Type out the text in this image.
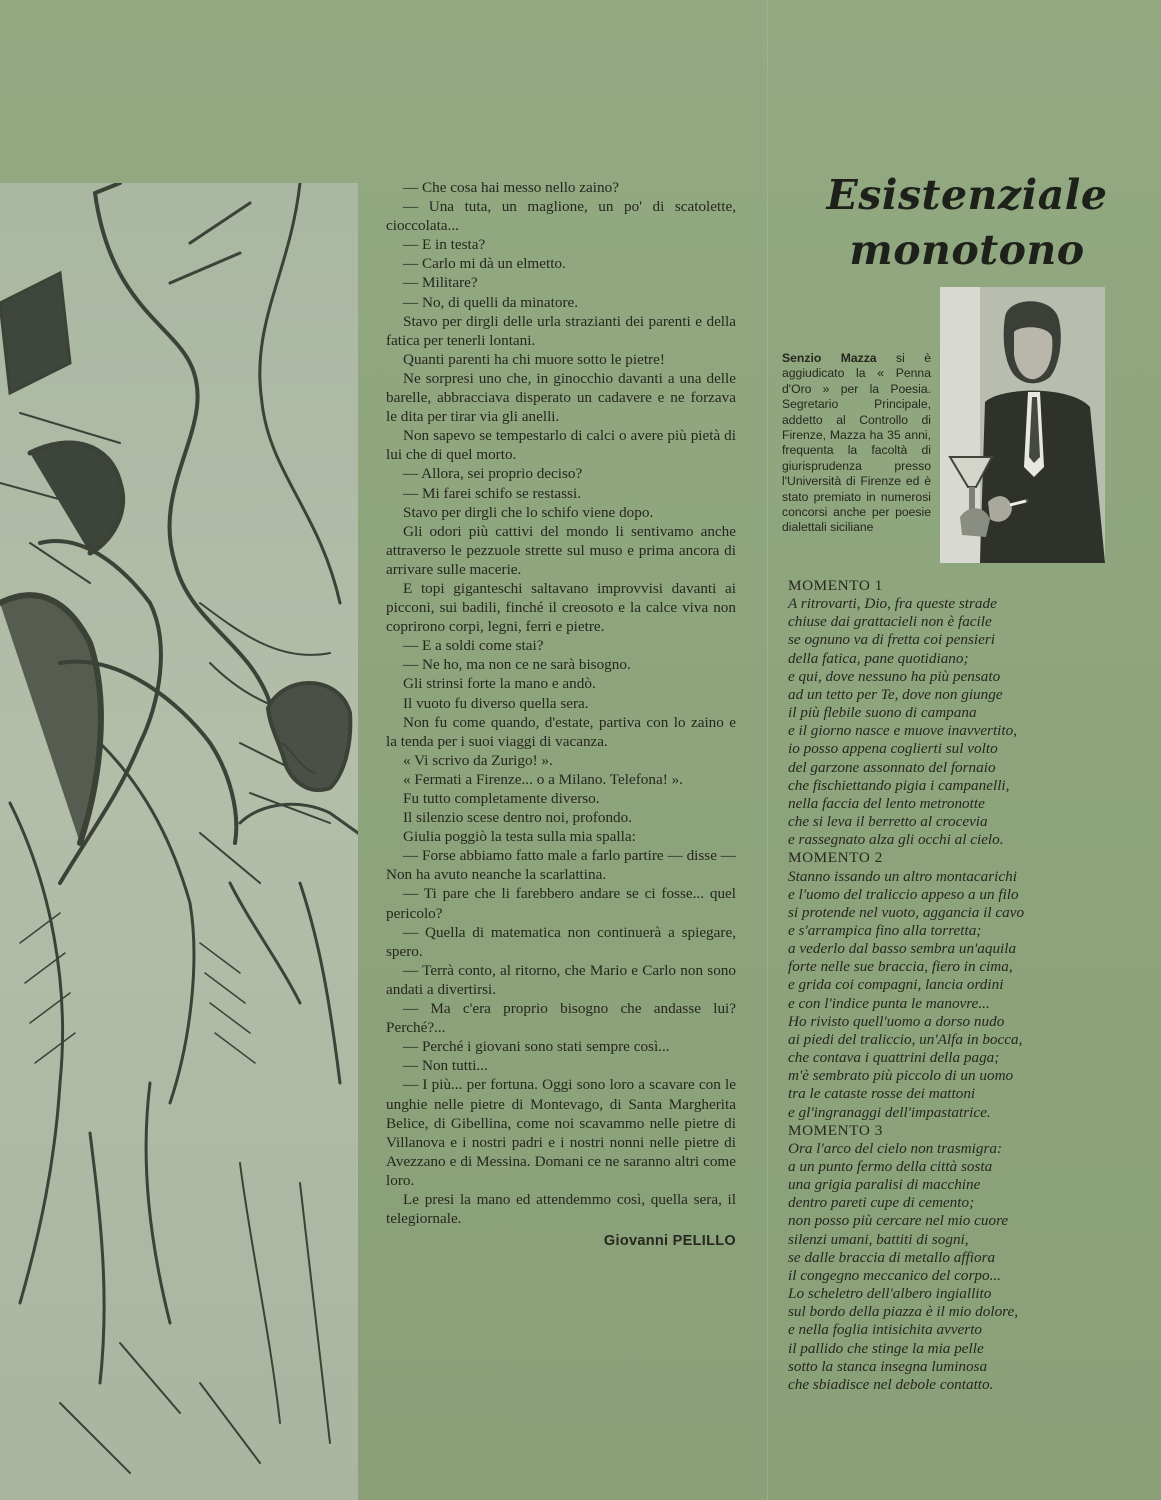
— Che cosa hai messo nello zaino?

— Una tuta, un maglione, un po' di scatolette, cioccolata...

— E in testa?

— Carlo mi dà un elmetto.

— Militare?

— No, di quelli da minatore.

Stavo per dirgli delle urla strazianti dei parenti e della fatica per tenerli lontani.

Quanti parenti ha chi muore sotto le pietre!

Ne sorpresi uno che, in ginocchio davanti a una delle barelle, abbracciava disperato un cadavere e ne forzava le dita per tirar via gli anelli.

Non sapevo se tempestarlo di calci o avere più pietà di lui che di quel morto.

— Allora, sei proprio deciso?

— Mi farei schifo se restassi.

Stavo per dirgli che lo schifo viene dopo.

Gli odori più cattivi del mondo li sentivamo anche attraverso le pezzuole strette sul muso e prima ancora di arrivare sulle macerie.

E topi giganteschi saltavano improvvisi davanti ai picconi, sui badili, finché il creosoto e la calce viva non coprirono corpi, legni, ferri e pietre.

— E a soldi come stai?

— Ne ho, ma non ce ne sarà bisogno.

Gli strinsi forte la mano e andò.

Il vuoto fu diverso quella sera.

Non fu come quando, d'estate, partiva con lo zaino e la tenda per i suoi viaggi di vacanza.

« Vi scrivo da Zurigo! ».

« Fermati a Firenze... o a Milano. Telefona! ».

Fu tutto completamente diverso.

Il silenzio scese dentro noi, profondo.

Giulia poggiò la testa sulla mia spalla:

— Forse abbiamo fatto male a farlo partire — disse — Non ha avuto neanche la scarlattina.

— Ti pare che li farebbero andare se ci fosse... quel pericolo?

— Quella di matematica non continuerà a spiegare, spero.

— Terrà conto, al ritorno, che Mario e Carlo non sono andati a divertirsi.

— Ma c'era proprio bisogno che andasse lui? Perché?...

— Perché i giovani sono stati sempre così...

— Non tutti...

— I più... per fortuna. Oggi sono loro a scavare con le unghie nelle pietre di Montevago, di Santa Margherita Belice, di Gibellina, come noi scavammo nelle pietre di Villanova e i nostri padri e i nostri nonni nelle pietre di Avezzano e di Messina. Domani ce ne saranno altri come loro.

Le presi la mano ed attendemmo così, quella sera, il telegiornale.

Giovanni PELILLO

Esistenziale
monotono

Senzio Mazza si è aggiudicato la « Penna d'Oro » per la Poesia. Segretario Principale, addetto al Controllo di Firenze, Mazza ha 35 anni, frequenta la facoltà di giurisprudenza presso l'Università di Firenze ed è stato premiato in numerosi concorsi anche per poesie dialettali siciliane

MOMENTO 1
A ritrovarti, Dio, fra queste strade
chiuse dai grattacieli non è facile
se ognuno va di fretta coi pensieri
della fatica, pane quotidiano;
e qui, dove nessuno ha più pensato
ad un tetto per Te, dove non giunge
il più flebile suono di campana
e il giorno nasce e muove inavvertito,
io posso appena coglierti sul volto
del garzone assonnato del fornaio
che fischiettando pigia i campanelli,
nella faccia del lento metronotte
che si leva il berretto al crocevia
e rassegnato alza gli occhi al cielo.
MOMENTO 2
Stanno issando un altro montacarichi
e l'uomo del traliccio appeso a un filo
si protende nel vuoto, aggancia il cavo
e s'arrampica fino alla torretta;
a vederlo dal basso sembra un'aquila
forte nelle sue braccia, fiero in cima,
e grida coi compagni, lancia ordini
e con l'indice punta le manovre...
Ho rivisto quell'uomo a dorso nudo
ai piedi del traliccio, un'Alfa in bocca,
che contava i quattrini della paga;
m'è sembrato più piccolo di un uomo
tra le cataste rosse dei mattoni
e gl'ingranaggi dell'impastatrice.
MOMENTO 3
Ora l'arco del cielo non trasmigra:
a un punto fermo della città sosta
una grigia paralisi di macchine
dentro pareti cupe di cemento;
non posso più cercare nel mio cuore
silenzi umani, battiti di sogni,
se dalle braccia di metallo affiora
il congegno meccanico del corpo...
Lo scheletro dell'albero ingiallito
sul bordo della piazza è il mio dolore,
e nella foglia intisichita avverto
il pallido che stinge la mia pelle
sotto la stanca insegna luminosa
che sbiadisce nel debole contatto.
